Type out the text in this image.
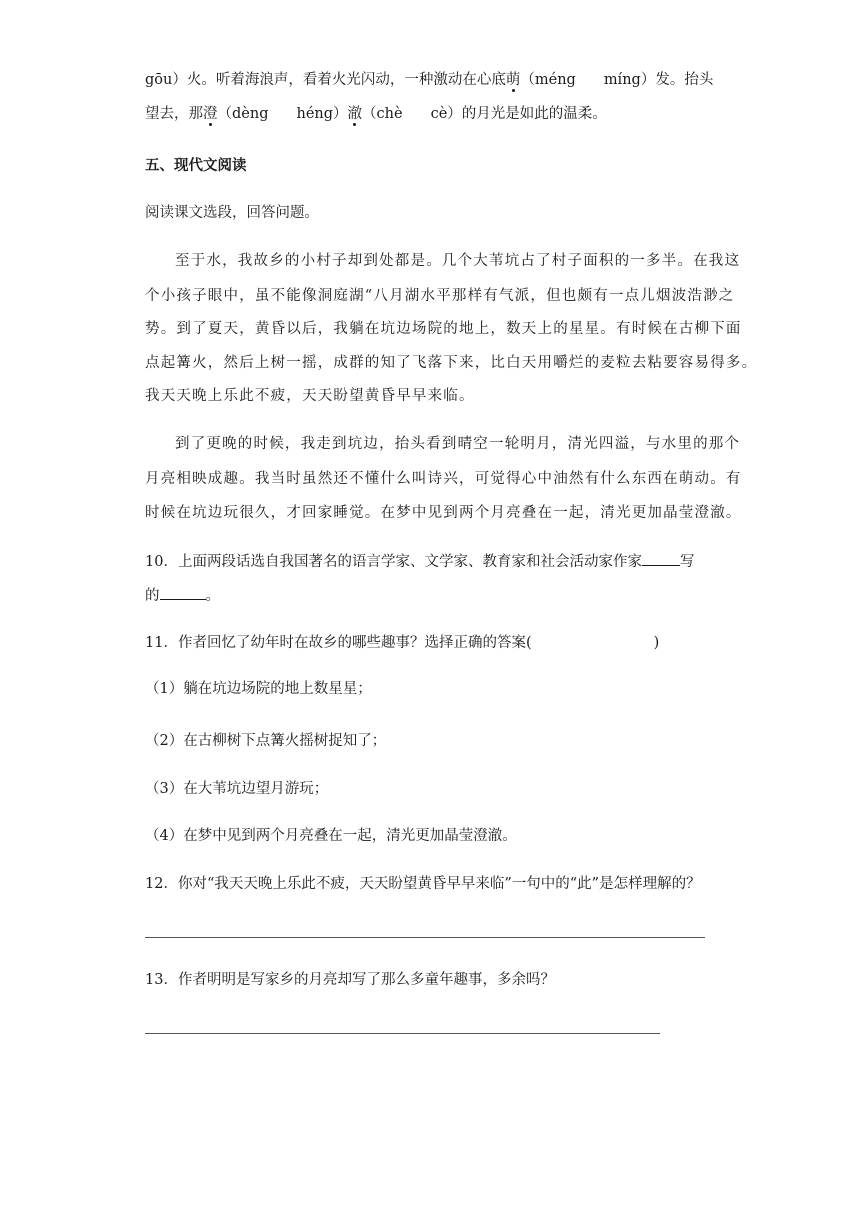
gōu）火。听着海浪声，看着火光闪动，一种激动在心底萌（méng míng）发。抬头
望去，那澄（dèng héng）澈（chè cè）的月光是如此的温柔。
五、现代文阅读
阅读课文选段，回答问题。
至于水，我故乡的小村子却到处都是。几个大苇坑占了村子面积的一多半。在我这
个小孩子眼中，虽不能像洞庭湖“八月湖水平那样有气派，但也颇有一点儿烟波浩渺之
势。到了夏天，黄昏以后，我躺在坑边场院的地上，数天上的星星。有时候在古柳下面
点起篝火，然后上树一摇，成群的知了飞落下来，比白天用嚼烂的麦粒去粘要容易得多。
我天天晚上乐此不疲，天天盼望黄昏早早来临。
到了更晚的时候，我走到坑边，抬头看到晴空一轮明月，清光四溢，与水里的那个
月亮相映成趣。我当时虽然还不懂什么叫诗兴，可觉得心中油然有什么东西在萌动。有
时候在坑边玩很久，才回家睡觉。在梦中见到两个月亮叠在一起，清光更加晶莹澄澈。
10．上面两段话选自我国著名的语言学家、文学家、教育家和社会活动家作家	写
的	。
11．作者回忆了幼年时在故乡的哪些趣事？选择正确的答案(	)
（1）躺在坑边场院的地上数星星；
（2）在古柳树下点篝火摇树捉知了；
（3）在大苇坑边望月游玩；
（4）在梦中见到两个月亮叠在一起，清光更加晶莹澄澈。
12．你对“我天天晚上乐此不疲，天天盼望黄昏早早来临”一句中的“此”是怎样理解的？
13．作者明明是写家乡的月亮却写了那么多童年趣事，多余吗？
